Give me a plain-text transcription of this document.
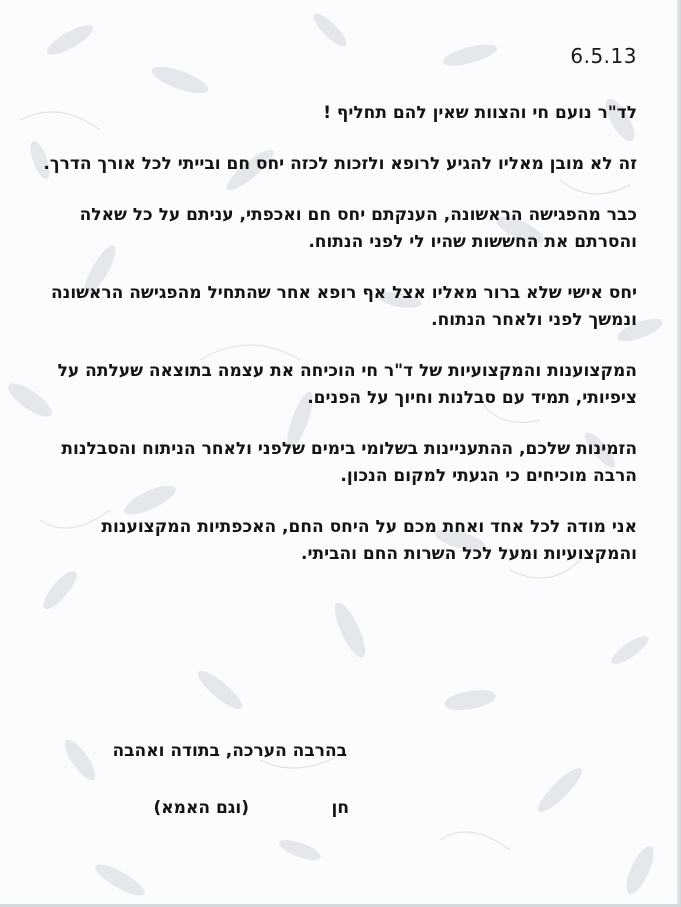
6.5.13

לד"ר נועם חי והצוות שאין להם תחליף !

זה לא מובן מאליו להגיע לרופא ולזכות לכזה יחס חם ובייתי לכל אורך הדרך.

כבר מהפגישה הראשונה, הענקתם יחס חם ואכפתי, עניתם על כל שאלה והסרתם את החששות שהיו לי לפני הנתוח.

יחס אישי שלא ברור מאליו אצל אף רופא אחר שהתחיל מהפגישה הראשונה ונמשך לפני ולאחר הנתוח.

המקצוענות והמקצועיות של ד"ר חי הוכיחה את עצמה בתוצאה שעלתה על ציפיותי, תמיד עם סבלנות וחיוך על הפנים.

הזמינות שלכם, ההתעניינות בשלומי בימים שלפני ולאחר הניתוח והסבלנות הרבה מוכיחים כי הגעתי למקום הנכון.

אני מודה לכל אחד ואחת מכם על היחס החם, האכפתיות המקצוענות והמקצועיות ומעל לכל השרות החם והביתי.

בהרבה הערכה, בתודה ואהבה
חן
(וגם האמא)
